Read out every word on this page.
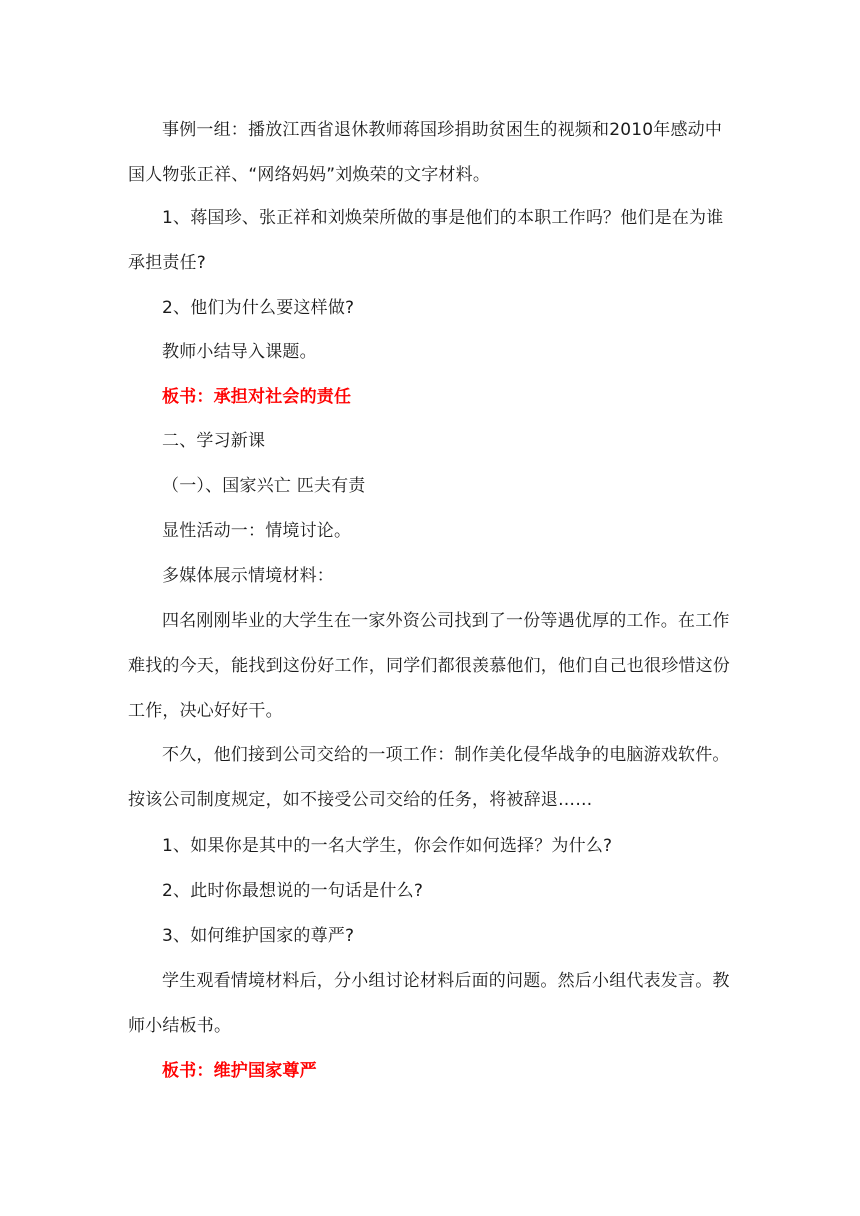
事例一组：播放江西省退休教师蒋国珍捐助贫困生的视频和2010年感动中国人物张正祥、“网络妈妈”刘焕荣的文字材料。

1、蒋国珍、张正祥和刘焕荣所做的事是他们的本职工作吗？他们是在为谁承担责任?

2、他们为什么要这样做?

教师小结导入课题。

板书：承担对社会的责任

二、学习新课

（一）、国家兴亡 匹夫有责

显性活动一：情境讨论。

多媒体展示情境材料：

四名刚刚毕业的大学生在一家外资公司找到了一份等遇优厚的工作。在工作难找的今天，能找到这份好工作，同学们都很羡慕他们，他们自己也很珍惜这份工作，决心好好干。

不久，他们接到公司交给的一项工作：制作美化侵华战争的电脑游戏软件。按该公司制度规定，如不接受公司交给的任务，将被辞退……

1、如果你是其中的一名大学生，你会作如何选择？为什么?

2、此时你最想说的一句话是什么?

3、如何维护国家的尊严?

学生观看情境材料后，分小组讨论材料后面的问题。然后小组代表发言。教师小结板书。

板书：维护国家尊严
